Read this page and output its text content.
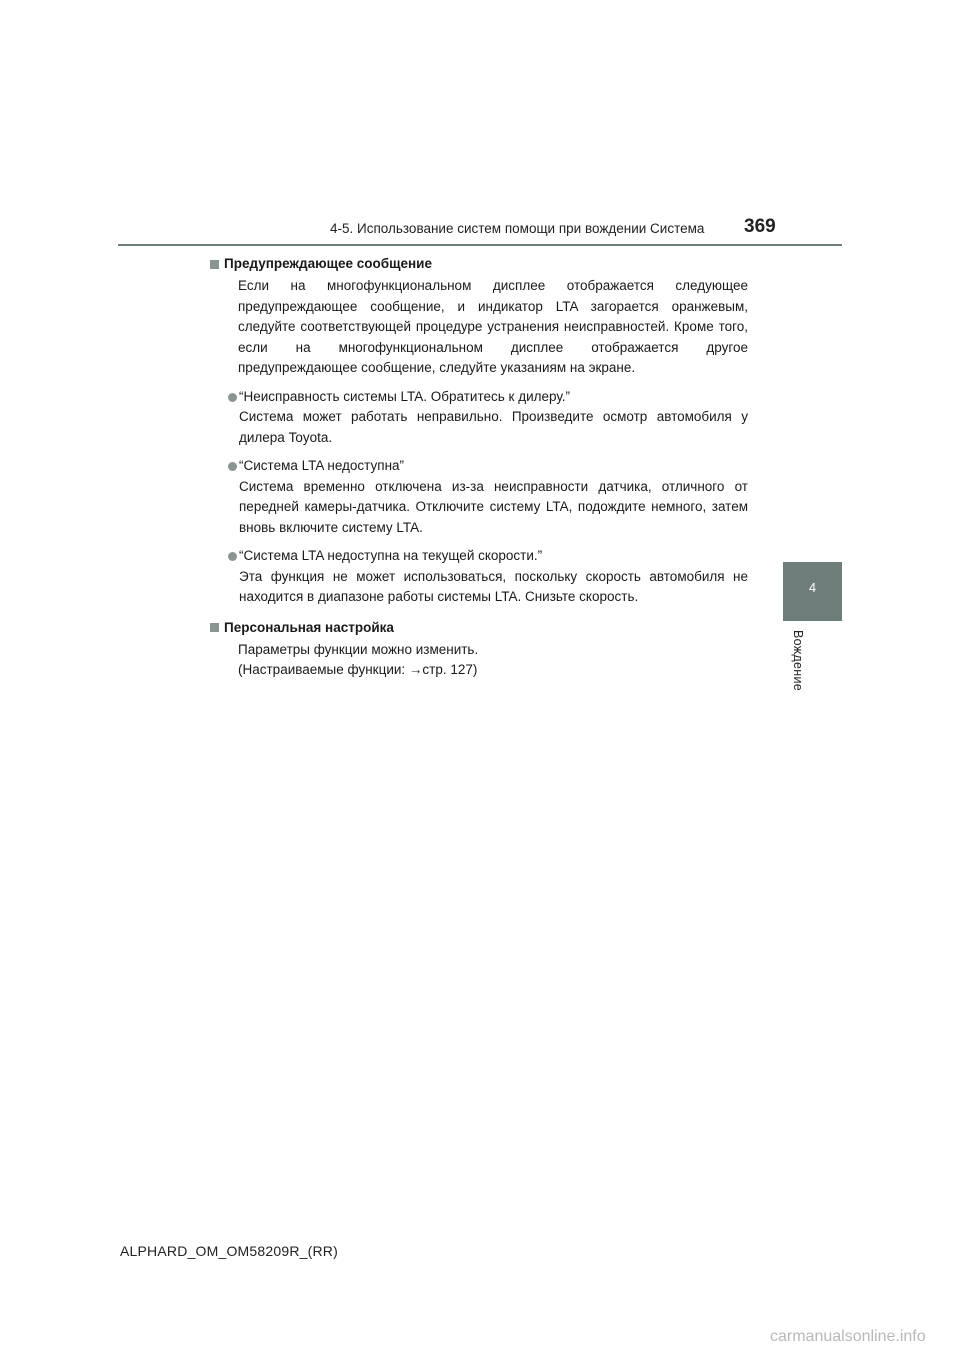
4-5. Использование систем помощи при вождении Система 369
4
Вождение
Предупреждающее сообщение
Если на многофункциональном дисплее отображается следующее предупреждающее сообщение, и индикатор LTA загорается оранжевым, следуйте соответствующей процедуре устранения неисправностей. Кроме того, если на многофункциональном дисплее отображается другое предупреждающее сообщение, следуйте указаниям на экране.
“Неисправность системы LTA. Обратитесь к дилеру.”
Система может работать неправильно. Произведите осмотр автомобиля у дилера Toyota.
“Система LTA недоступна”
Система временно отключена из-за неисправности датчика, отличного от передней камеры-датчика. Отключите систему LTA, подождите немного, затем вновь включите систему LTA.
“Система LTA недоступна на текущей скорости.”
Эта функция не может использоваться, поскольку скорость автомобиля не находится в диапазоне работы системы LTA. Снизьте скорость.
Персональная настройка
Параметры функции можно изменить.
(Настраиваемые функции: →стр. 127)
ALPHARD_OM_OM58209R_(RR)
carmanualsonline.info
